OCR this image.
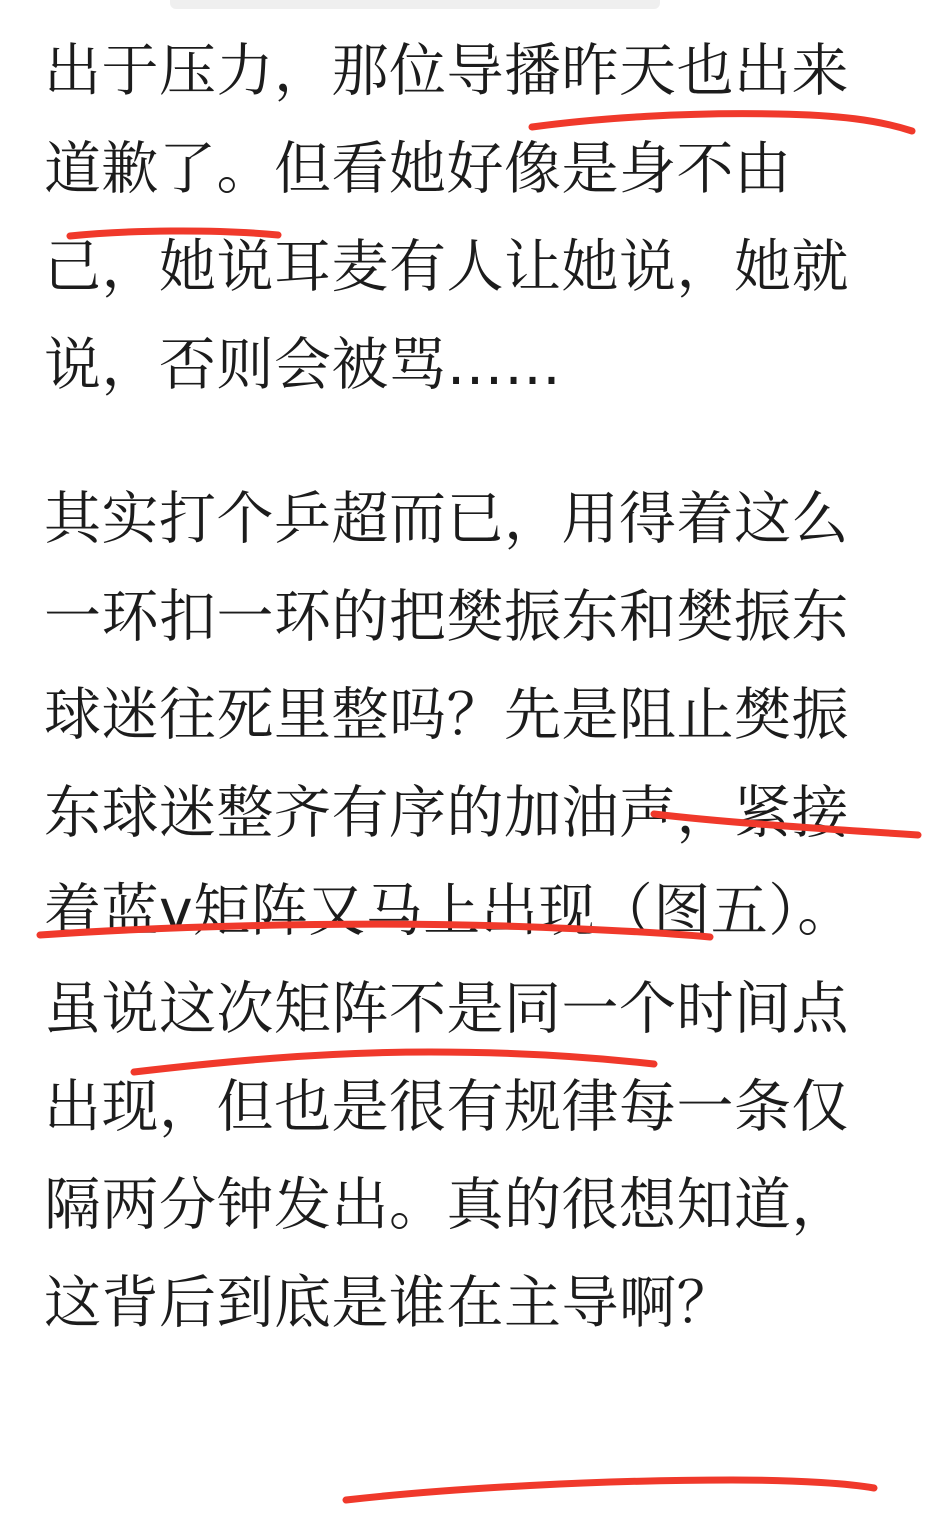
出于压力，那位导播昨天也出来道歉了。但看她好像是身不由己，她说耳麦有人让她说，她就说，否则会被骂……

其实打个乒超而已，用得着这么一环扣一环的把樊振东和樊振东球迷往死里整吗？先是阻止樊振东球迷整齐有序的加油声，紧接着蓝v矩阵又马上出现（图五）。虽说这次矩阵不是同一个时间点出现，但也是很有规律每一条仅隔两分钟发出。真的很想知道，这背后到底是谁在主导啊？
